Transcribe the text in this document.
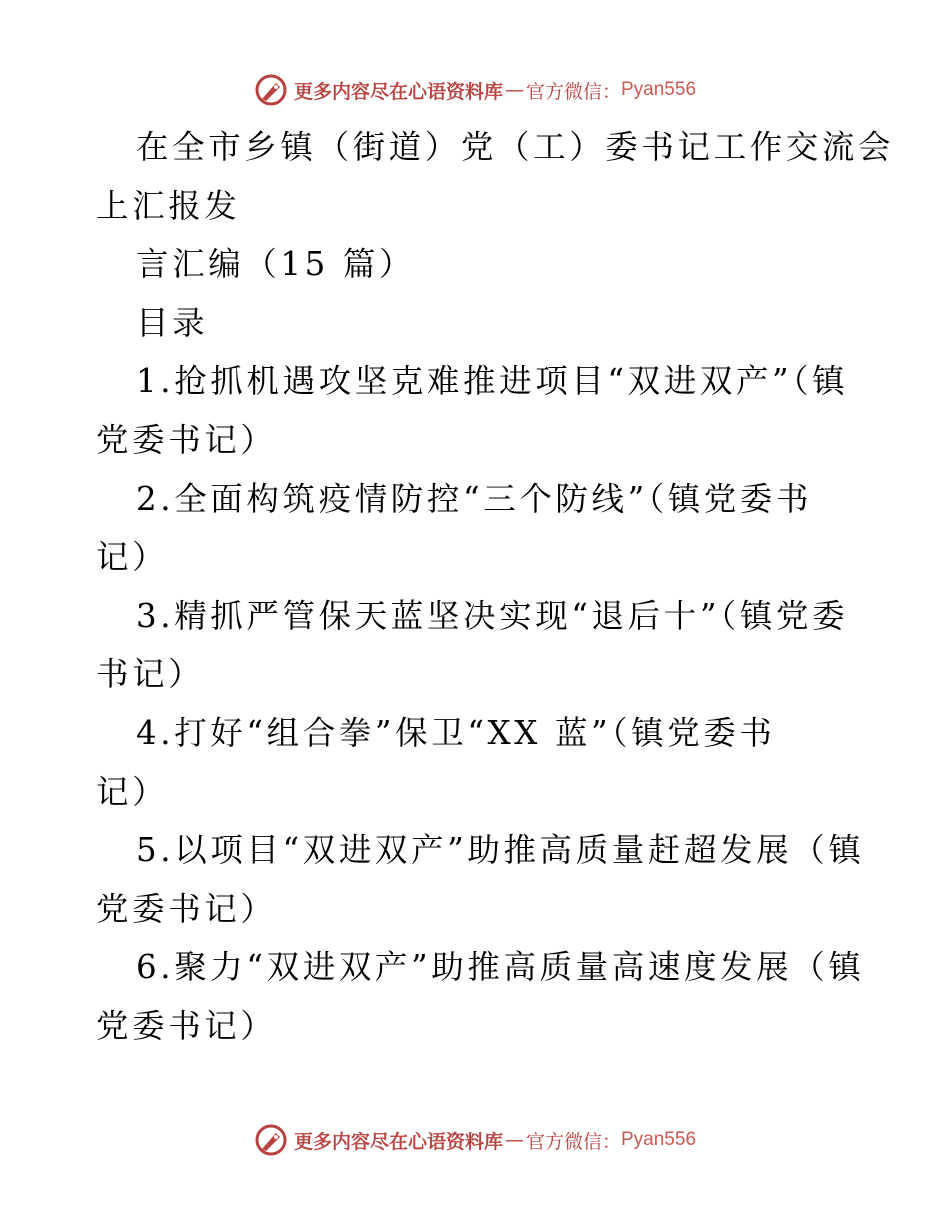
更多内容尽在心语资料库 — 官方微信： Pyan556
在全市乡镇（街道）党（工）委书记工作交流会
上汇报发
言汇编（15 篇）
目录
1.抢抓机遇攻坚克难推进项目“双进双产”（镇
党委书记）
2.全面构筑疫情防控“三个防线”（镇党委书
记）
3.精抓严管保天蓝坚决实现“退后十”（镇党委
书记）
4.打好“组合拳”保卫“XX 蓝”（镇党委书
记）
5.以项目“双进双产”助推高质量赶超发展（镇
党委书记）
6.聚力“双进双产”助推高质量高速度发展（镇
党委书记）
更多内容尽在心语资料库 — 官方微信： Pyan556
